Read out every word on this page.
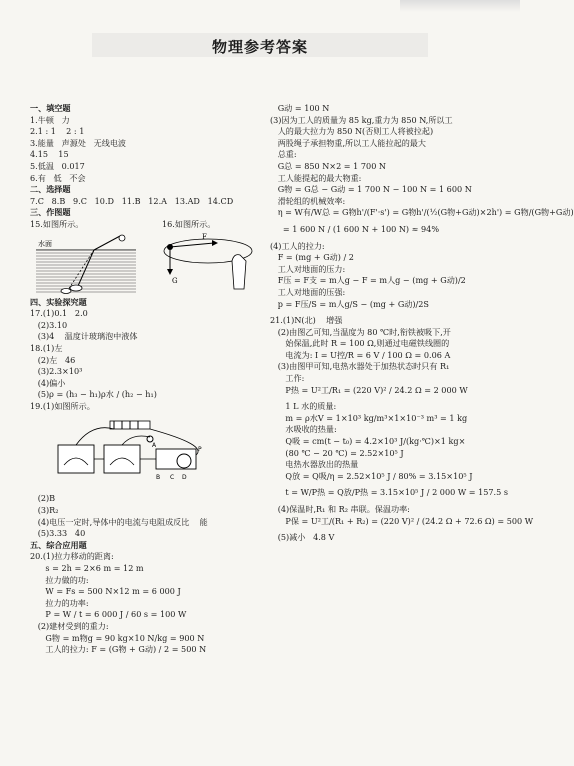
物理参考答案
一、填空题
1.牛顿   力
2.1 : 1    2 : 1
3.能量   声源处   无线电波
4.15    15
5.低温   0.017
6.有   低   不会
二、选择题
7.C   8.B   9.C   10.D   11.B   12.A   13.AD   14.CD
三、作图题
15.如图所示。
水面
16.如图所示。
G
F
四、实验探究题
17.(1)0.1   2.0
(2)3.10
(3)4    温度计玻璃泡中液体
18.(1)左
(2)左   46
(3)2.3×10³
(4)偏小
(5)ρ = (h₃ − h₁)ρ水 / (h₂ − h₁)
19.(1)如图所示。
A
B C D
P
(2)B
(3)R₂
(4)电压一定时,导体中的电流与电阻成反比    能
(5)3.33   40
五、综合应用题
20.(1)拉力移动的距离:
s = 2h = 2×6 m = 12 m
拉力做的功:
W = Fs = 500 N×12 m = 6 000 J
拉力的功率:
P = W / t = 6 000 J / 60 s = 100 W
(2)建材受到的重力:
G物 = m物g = 90 kg×10 N/kg = 900 N
工人的拉力: F = (G物 + G动) / 2 = 500 N
G动 = 100 N
(3)因为工人的质量为 85 kg,重力为 850 N,所以工
人的最大拉力为 850 N(否则工人将被拉起)
两股绳子承担物重,所以工人能拉起的最大
总重:
G总 = 850 N×2 = 1 700 N
工人能提起的最大物重:
G物 = G总 − G动 = 1 700 N − 100 N = 1 600 N
滑轮组的机械效率:
η = W有/W总 = G物h'/(F'·s') = G物h'/(½(G物+G动)×2h') = G物/(G物+G动)
= 1 600 N / (1 600 N + 100 N) ≈ 94%
(4)工人的拉力:
F = (mg + G动) / 2
工人对地面的压力:
F压 = F支 = m人g − F = m人g − (mg + G动)/2
工人对地面的压强:
p = F压/S = m人g/S − (mg + G动)/2S
21.(1)N(北)    增强
(2)由图乙可知,当温度为 80 ℃时,衔铁被吸下,开
始保温,此时 R = 100 Ω,则通过电磁铁线圈的
电流为: I = U控/R = 6 V / 100 Ω = 0.06 A
(3)由图甲可知,电热水器处于加热状态时只有 R₁
工作:
P热 = U²工/R₁ = (220 V)² / 24.2 Ω = 2 000 W
1 L 水的质量:
m = ρ水V = 1×10³ kg/m³×1×10⁻³ m³ = 1 kg
水吸收的热量:
Q吸 = cm(t − t₀) = 4.2×10³ J/(kg·℃)×1 kg×
(80 ℃ − 20 ℃) = 2.52×10⁵ J
电热水器放出的热量
Q放 = Q吸/η = 2.52×10⁵ J / 80% = 3.15×10⁵ J
t = W/P热 = Q放/P热 = 3.15×10⁵ J / 2 000 W = 157.5 s
(4)保温时,R₁ 和 R₂ 串联。保温功率:
P保 = U²工/(R₁ + R₂) = (220 V)² / (24.2 Ω + 72.6 Ω) = 500 W
(5)减小   4.8 V
